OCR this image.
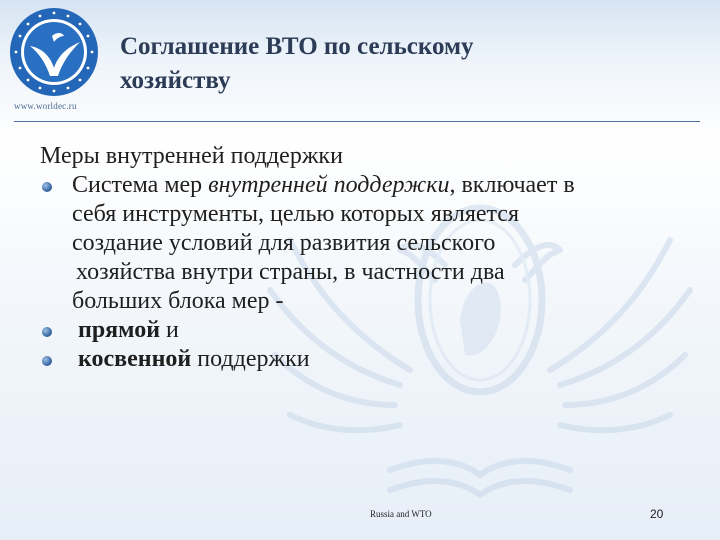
www.worldec.ru
Соглашение ВТО по сельскому
хозяйству
Меры внутренней поддержки
Система мер внутренней поддержки, включает в
себя инструменты, целью которых является
создание условий для развития сельского
хозяйства внутри страны, в частности два
больших блока мер -
прямой и
косвенной поддержки
Russia and WTO	20
